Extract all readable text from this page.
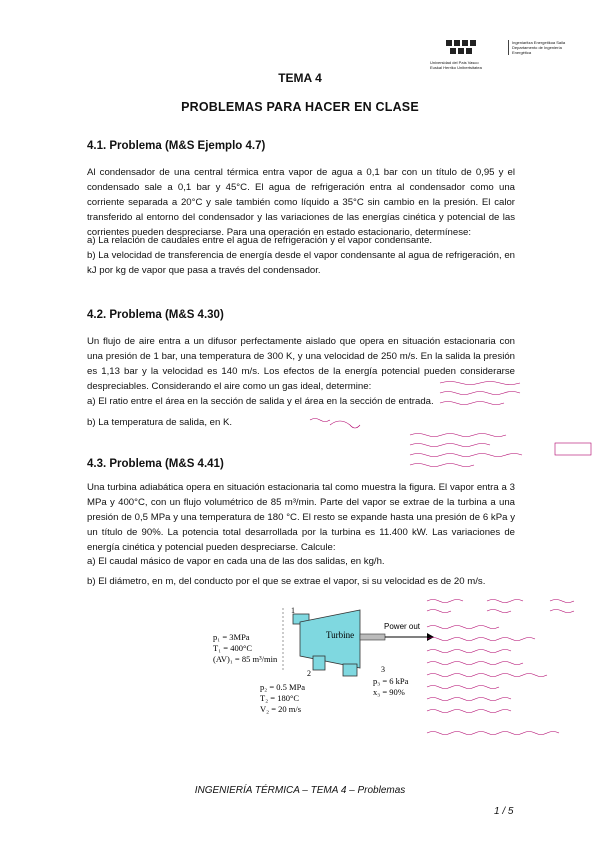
Universidad del País Vasco Euskal Herriko Unibertsitatea
Ingeniaritza Energetikoa Saila Departamento de Ingeniería Energética
TEMA 4
PROBLEMAS PARA HACER EN CLASE
4.1. Problema (M&S Ejemplo 4.7)
Al condensador de una central térmica entra vapor de agua a 0,1 bar con un título de 0,95 y el condensado sale a 0,1 bar y 45°C. El agua de refrigeración entra al condensador como una corriente separada a 20°C y sale también como líquido a 35°C sin cambio en la presión. El calor transferido al entorno del condensador y las variaciones de las energías cinética y potencial de las corrientes pueden despreciarse. Para una operación en estado estacionario, determínese:
a) La relación de caudales entre el agua de refrigeración y el vapor condensante.
b) La velocidad de transferencia de energía desde el vapor condensante al agua de refrigeración, en kJ por kg de vapor que pasa a través del condensador.
4.2. Problema (M&S 4.30)
Un flujo de aire entra a un difusor perfectamente aislado que opera en situación estacionaria con una presión de 1 bar, una temperatura de 300 K, y una velocidad de 250 m/s. En la salida la presión es 1,13 bar y la velocidad es 140 m/s. Los efectos de la energía potencial pueden considerarse despreciables. Considerando el aire como un gas ideal, determine:
a) El ratio entre el área en la sección de salida y el área en la sección de entrada.
b) La temperatura de salida, en K.
4.3. Problema (M&S 4.41)
Una turbina adiabática opera en situación estacionaria tal como muestra la figura. El vapor entra a 3 MPa y 400°C, con un flujo volumétrico de 85 m³/min. Parte del vapor se extrae de la turbina a una presión de 0,5 MPa y una temperatura de 180 °C. El resto se expande hasta una presión de 6 kPa y un título de 90%. La potencia total desarrollada por la turbina es 11.400 kW. Las variaciones de energía cinética y potencial pueden despreciarse. Calcule:
a) El caudal másico de vapor en cada una de las dos salidas, en kg/h.
b) El diámetro, en m, del conducto por el que se extrae el vapor, si su velocidad es de 20 m/s.
Turbine
Power out
1
2	3
p₁ = 3MPa
T₁ = 400°C
(AV)₁ = 85 m³/min
p₂ = 0.5 MPa
T₂ = 180°C
V₂ = 20 m/s
p₃ = 6 kPa
x₃ = 90%
INGENIERÍA TÉRMICA – TEMA 4 – Problemas
1 / 5
